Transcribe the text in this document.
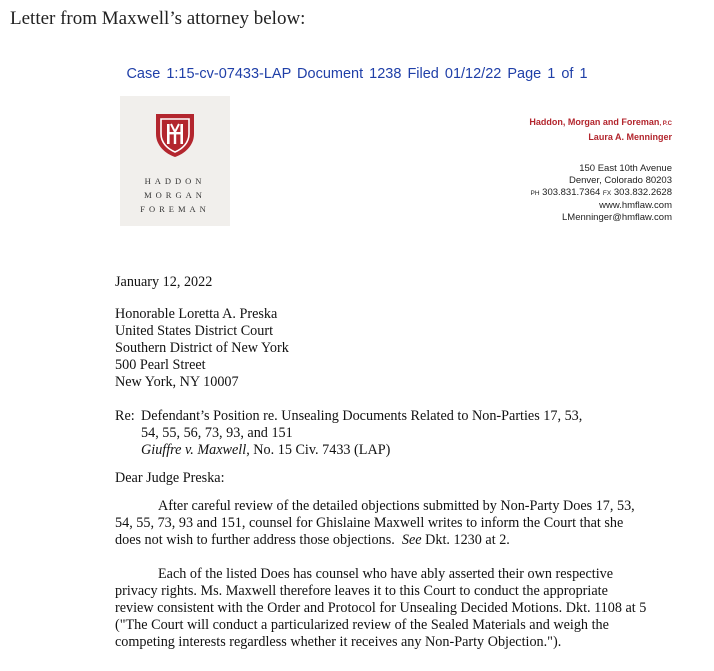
Letter from Maxwell’s attorney below:
Case 1:15-cv-07433-LAP Document 1238 Filed 01/12/22 Page 1 of 1
HADDON
MORGAN
FOREMAN
Haddon, Morgan and Foreman, P.C
Laura A. Menninger
150 East 10th Avenue
Denver, Colorado 80203
PH 303.831.7364 FX 303.832.2628
www.hmflaw.com
LMenninger@hmflaw.com
January 12, 2022
Honorable Loretta A. Preska
United States District Court
Southern District of New York
500 Pearl Street
New York, NY 10007
Re: Defendant’s Position re. Unsealing Documents Related to Non-Parties 17, 53,
54, 55, 56, 73, 93, and 151
Giuffre v. Maxwell, No. 15 Civ. 7433 (LAP)
Dear Judge Preska:
After careful review of the detailed objections submitted by Non-Party Does 17, 53,
54, 55, 73, 93 and 151, counsel for Ghislaine Maxwell writes to inform the Court that she
does not wish to further address those objections. See Dkt. 1230 at 2.
Each of the listed Does has counsel who have ably asserted their own respective
privacy rights. Ms. Maxwell therefore leaves it to this Court to conduct the appropriate
review consistent with the Order and Protocol for Unsealing Decided Motions. Dkt. 1108 at 5
("The Court will conduct a particularized review of the Sealed Materials and weigh the
competing interests regardless whether it receives any Non-Party Objection.").
